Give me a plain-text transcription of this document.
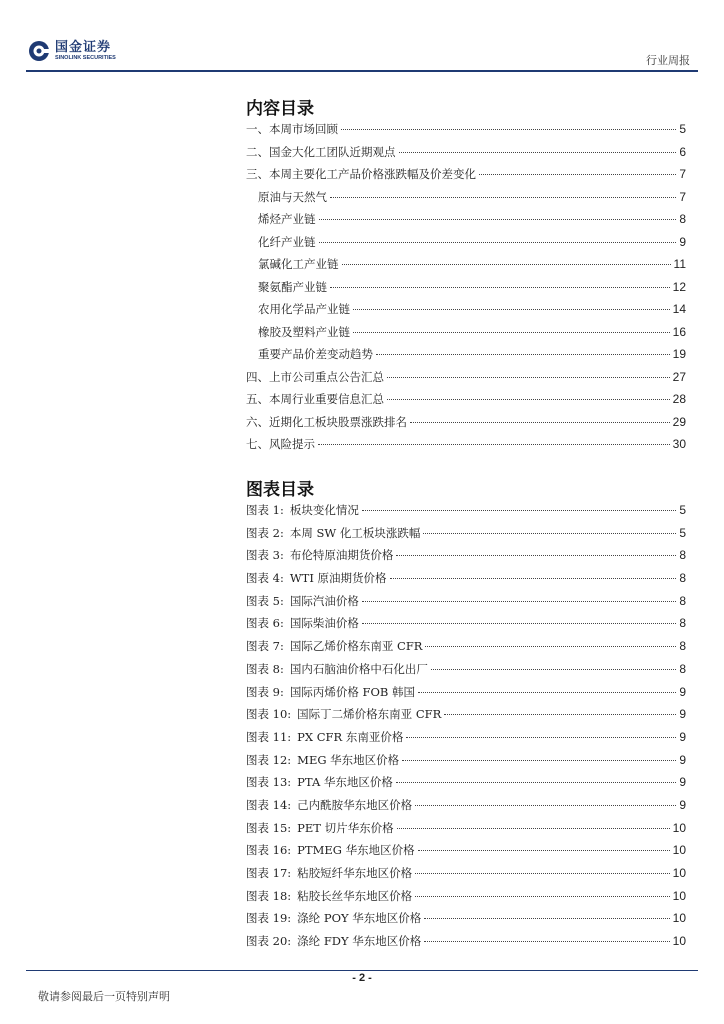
国金证券
SINOLINK SECURITIES	行业周报
内容目录
一、本周市场回顾	5
二、国金大化工团队近期观点	6
三、本周主要化工产品价格涨跌幅及价差变化	7
原油与天然气	7
烯烃产业链	8
化纤产业链	9
氯碱化工产业链	11
聚氨酯产业链	12
农用化学品产业链	14
橡胶及塑料产业链	16
重要产品价差变动趋势	19
四、上市公司重点公告汇总	27
五、本周行业重要信息汇总	28
六、近期化工板块股票涨跌排名	29
七、风险提示	30
图表目录
图表 1: 板块变化情况	5
图表 2: 本周 SW 化工板块涨跌幅	5
图表 3: 布伦特原油期货价格	8
图表 4: WTI 原油期货价格	8
图表 5: 国际汽油价格	8
图表 6: 国际柴油价格	8
图表 7: 国际乙烯价格东南亚 CFR	8
图表 8: 国内石脑油价格中石化出厂	8
图表 9: 国际丙烯价格 FOB 韩国	9
图表 10: 国际丁二烯价格东南亚 CFR	9
图表 11: PX CFR 东南亚价格	9
图表 12: MEG 华东地区价格	9
图表 13: PTA 华东地区价格	9
图表 14: 己内酰胺华东地区价格	9
图表 15: PET 切片华东价格	10
图表 16: PTMEG 华东地区价格	10
图表 17: 粘胶短纤华东地区价格	10
图表 18: 粘胶长丝华东地区价格	10
图表 19: 涤纶 POY 华东地区价格	10
图表 20: 涤纶 FDY 华东地区价格	10
- 2 -
敬请参阅最后一页特别声明
